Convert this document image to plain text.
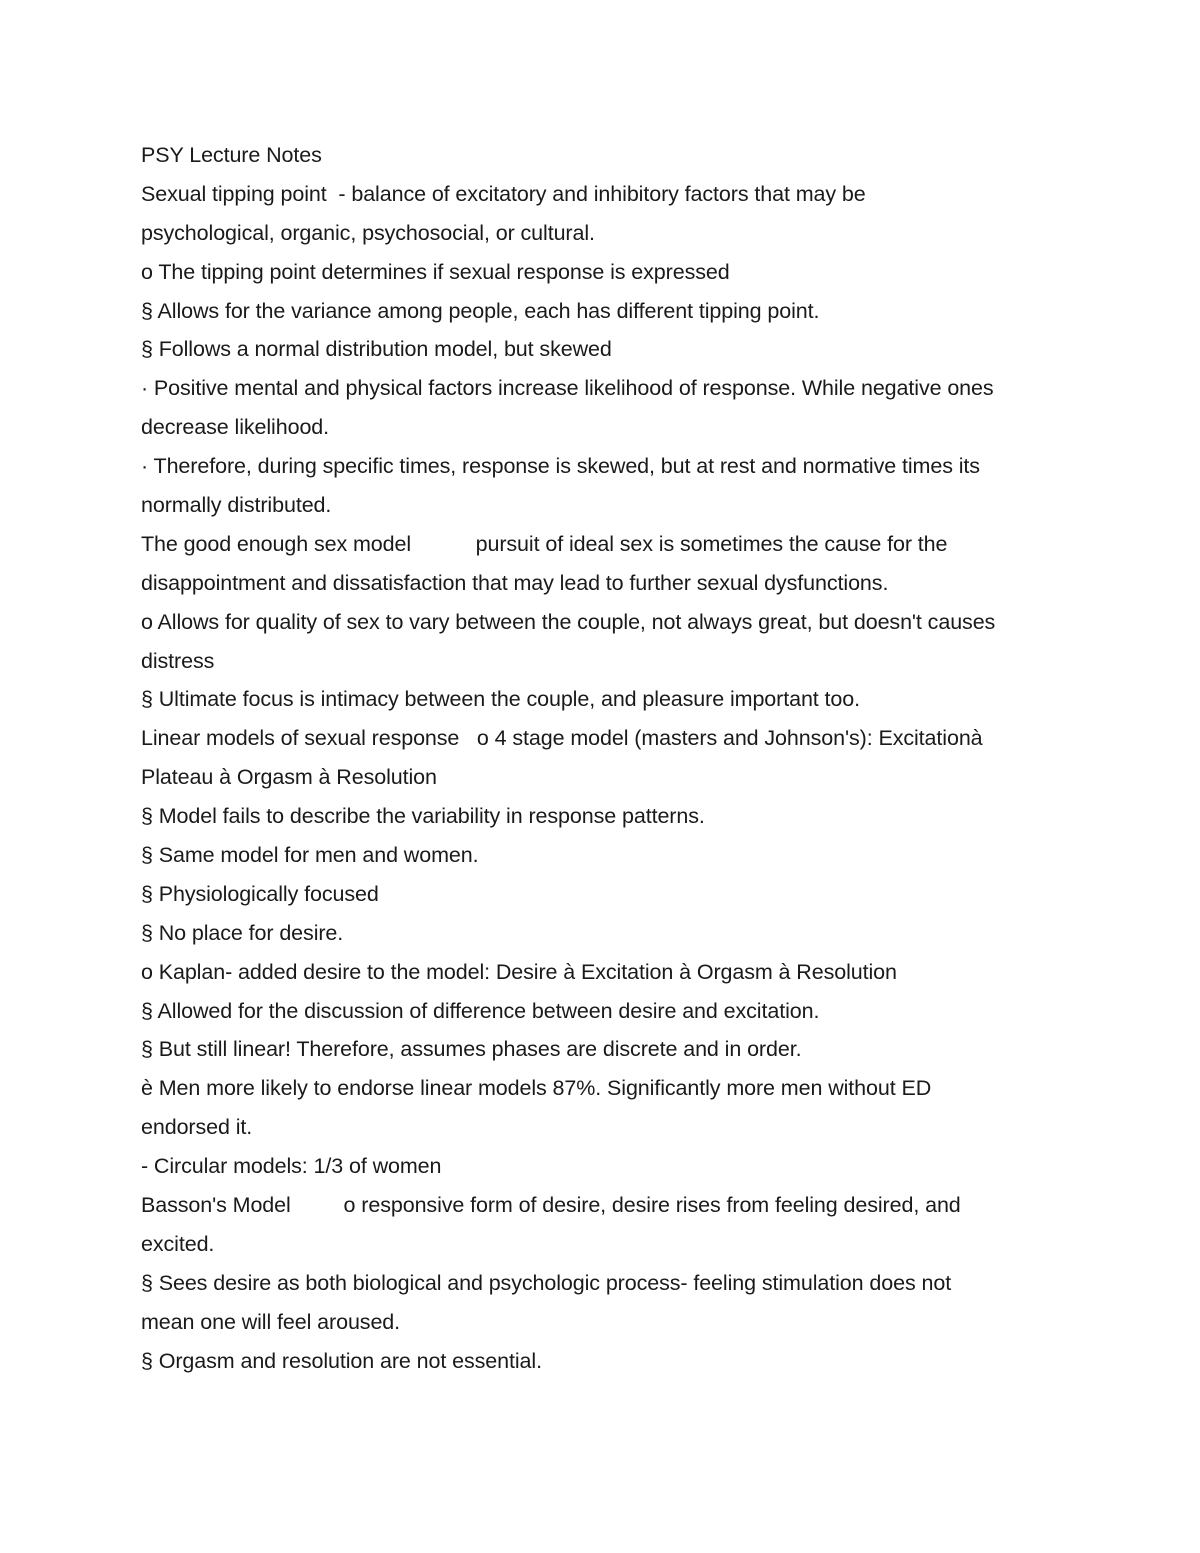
PSY Lecture Notes
Sexual tipping point  - balance of excitatory and inhibitory factors that may be
psychological, organic, psychosocial, or cultural.
o The tipping point determines if sexual response is expressed
§ Allows for the variance among people, each has different tipping point.
§ Follows a normal distribution model, but skewed
· Positive mental and physical factors increase likelihood of response. While negative ones
decrease likelihood.
· Therefore, during specific times, response is skewed, but at rest and normative times its
normally distributed.
The good enough sex model           pursuit of ideal sex is sometimes the cause for the
disappointment and dissatisfaction that may lead to further sexual dysfunctions.
o Allows for quality of sex to vary between the couple, not always great, but doesn't causes
distress
§ Ultimate focus is intimacy between the couple, and pleasure important too.
Linear models of sexual response   o 4 stage model (masters and Johnson's): Excitationà
Plateau à Orgasm à Resolution
§ Model fails to describe the variability in response patterns.
§ Same model for men and women.
§ Physiologically focused
§ No place for desire.
o Kaplan- added desire to the model: Desire à Excitation à Orgasm à Resolution
§ Allowed for the discussion of difference between desire and excitation.
§ But still linear! Therefore, assumes phases are discrete and in order.
è Men more likely to endorse linear models 87%. Significantly more men without ED
endorsed it.
- Circular models: 1/3 of women
Basson's Model         o responsive form of desire, desire rises from feeling desired, and
excited.
§ Sees desire as both biological and psychologic process- feeling stimulation does not
mean one will feel aroused.
§ Orgasm and resolution are not essential.
